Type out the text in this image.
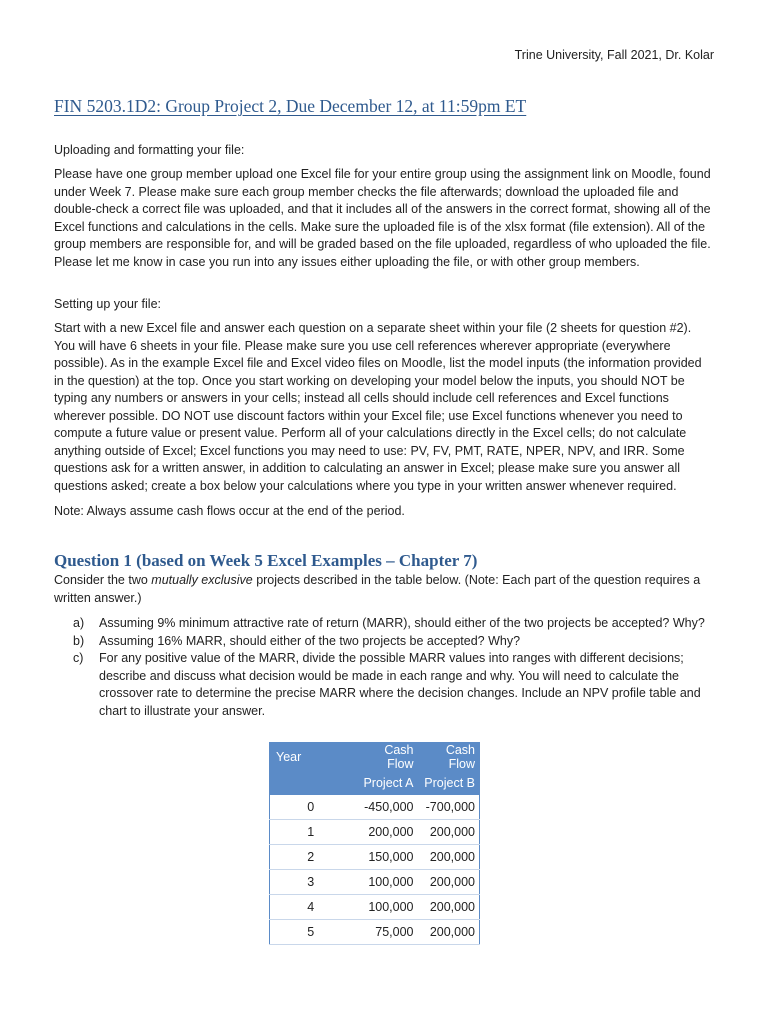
Trine University, Fall 2021, Dr. Kolar
FIN 5203.1D2: Group Project 2, Due December 12, at 11:59pm ET

Uploading and formatting your file:

Please have one group member upload one Excel file for your entire group using the assignment link on Moodle, found under Week 7. Please make sure each group member checks the file afterwards; download the uploaded file and double-check a correct file was uploaded, and that it includes all of the answers in the correct format, showing all of the Excel functions and calculations in the cells. Make sure the uploaded file is of the xlsx format (file extension). All of the group members are responsible for, and will be graded based on the file uploaded, regardless of who uploaded the file. Please let me know in case you run into any issues either uploading the file, or with other group members.

Setting up your file:

Start with a new Excel file and answer each question on a separate sheet within your file (2 sheets for question #2). You will have 6 sheets in your file. Please make sure you use cell references wherever appropriate (everywhere possible). As in the example Excel file and Excel video files on Moodle, list the model inputs (the information provided in the question) at the top. Once you start working on developing your model below the inputs, you should NOT be typing any numbers or answers in your cells; instead all cells should include cell references and Excel functions wherever possible. DO NOT use discount factors within your Excel file; use Excel functions whenever you need to compute a future value or present value. Perform all of your calculations directly in the Excel cells; do not calculate anything outside of Excel; Excel functions you may need to use: PV, FV, PMT, RATE, NPER, NPV, and IRR. Some questions ask for a written answer, in addition to calculating an answer in Excel; please make sure you answer all questions asked; create a box below your calculations where you type in your written answer whenever required.

Note: Always assume cash flows occur at the end of the period.

Question 1 (based on Week 5 Excel Examples – Chapter 7)

Consider the two mutually exclusive projects described in the table below. (Note: Each part of the question requires a written answer.)

a)	Assuming 9% minimum attractive rate of return (MARR), should either of the two projects be accepted? Why?
b)	Assuming 16% MARR, should either of the two projects be accepted? Why?
c)	For any positive value of the MARR, divide the possible MARR values into ranges with different decisions; describe and discuss what decision would be made in each range and why. You will need to calculate the crossover rate to determine the precise MARR where the decision changes. Include an NPV profile table and chart to illustrate your answer.
Year	Cash Flow	Cash Flow
	Project A	Project B
0	-450,000	-700,000
1	200,000	200,000
2	150,000	200,000
3	100,000	200,000
4	100,000	200,000
5	75,000	200,000
